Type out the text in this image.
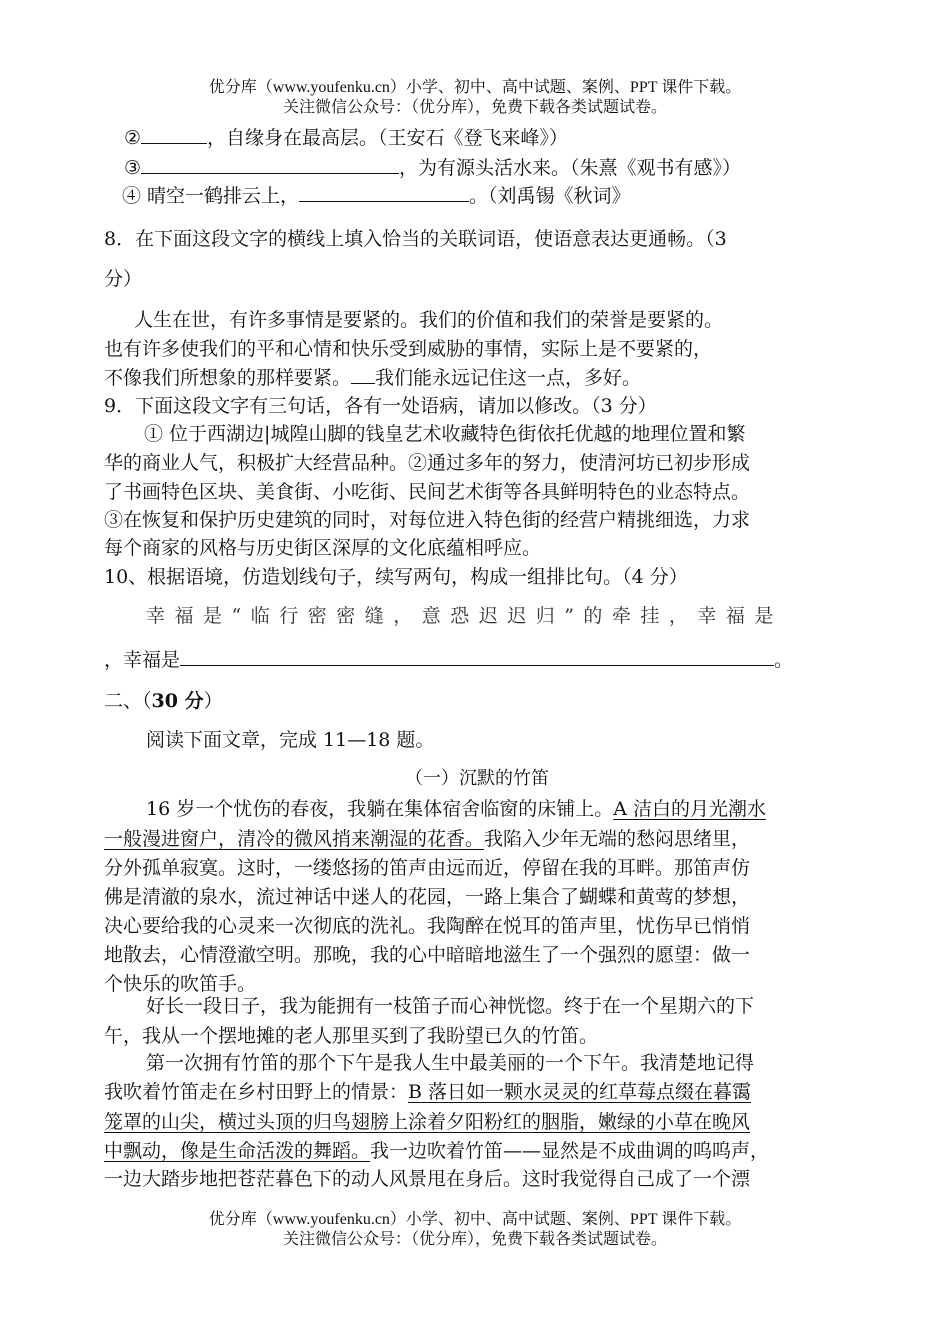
优分库（www.youfenku.cn）小学、初中、高中试题、案例、PPT 课件下载。
关注微信公众号：（优分库），免费下载各类试题试卷。
②	，自缘身在最高层。（王安石《登飞来峰》）
③	，为有源头活水来。（朱熹《观书有感》）
④ 晴空一鹤排云上，	。（刘禹锡《秋词》
8．在下面这段文字的横线上填入恰当的关联词语，使语意表达更通畅。（3
分）
人生在世，有许多事情是要紧的。我们的价值和我们的荣誉是要紧的。
也有许多使我们的平和心情和快乐受到威胁的事情，实际上是不要紧的，
不像我们所想象的那样要紧。 我们能永远记住这一点，多好。
9．下面这段文字有三句话，各有一处语病，请加以修改。（3 分）
① 位于西湖边|城隍山脚的钱皇艺术收藏特色街依托优越的地理位置和繁
华的商业人气，积极扩大经营品种。②通过多年的努力，使清河坊已初步形成
了书画特色区块、美食街、小吃街、民间艺术街等各具鲜明特色的业态特点。
③在恢复和保护历史建筑的同时，对每位进入特色街的经营户精挑细选，力求
每个商家的风格与历史街区深厚的文化底蕴相呼应。
10、根据语境，仿造划线句子，续写两句，构成一组排比句。（4 分）
幸福是“临行密密缝，意恐迟迟归”的牵挂，幸福是
，幸福是	。
二、（30 分）
阅读下面文章，完成 11—18 题。
（一）沉默的竹笛
16 岁一个忧伤的春夜，我躺在集体宿舍临窗的床铺上。A 洁白的月光潮水
一般漫进窗户，清冷的微风捎来潮湿的花香。我陷入少年无端的愁闷思绪里，
分外孤单寂寞。这时，一缕悠扬的笛声由远而近，停留在我的耳畔。那笛声仿
佛是清澈的泉水，流过神话中迷人的花园，一路上集合了蝴蝶和黄莺的梦想，
决心要给我的心灵来一次彻底的洗礼。我陶醉在悦耳的笛声里，忧伤早已悄悄
地散去，心情澄澈空明。那晚，我的心中暗暗地滋生了一个强烈的愿望：做一
个快乐的吹笛手。
好长一段日子，我为能拥有一枝笛子而心神恍惚。终于在一个星期六的下
午，我从一个摆地摊的老人那里买到了我盼望已久的竹笛。
第一次拥有竹笛的那个下午是我人生中最美丽的一个下午。我清楚地记得
我吹着竹笛走在乡村田野上的情景：B 落日如一颗水灵灵的红草莓点缀在暮霭
笼罩的山尖，横过头顶的归鸟翅膀上涂着夕阳粉红的胭脂，嫩绿的小草在晚风
中飘动，像是生命活泼的舞蹈。我一边吹着竹笛——显然是不成曲调的呜呜声，
一边大踏步地把苍茫暮色下的动人风景甩在身后。这时我觉得自己成了一个漂
优分库（www.youfenku.cn）小学、初中、高中试题、案例、PPT 课件下载。
关注微信公众号：（优分库），免费下载各类试题试卷。
